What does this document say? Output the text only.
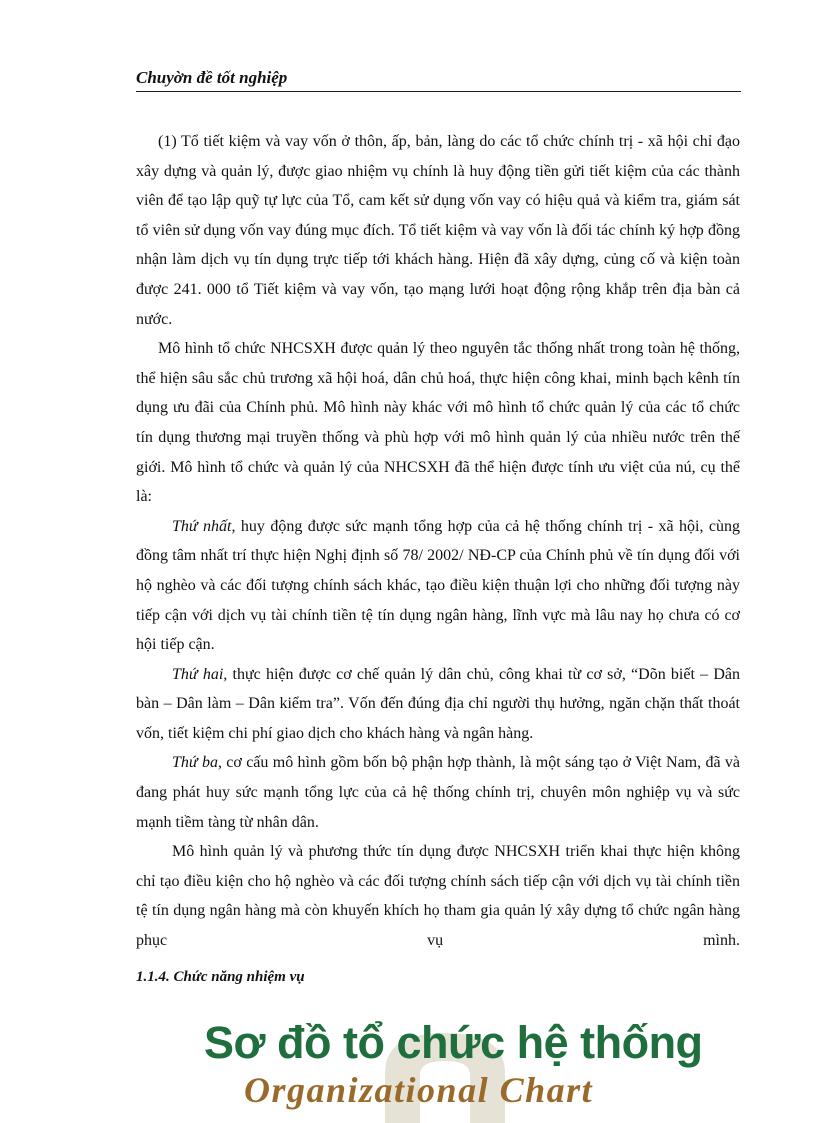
Chuyờn đề tốt nghiệp

(1) Tổ tiết kiệm và vay vốn ở thôn, ấp, bản, làng do các tổ chức chính trị - xã hội chỉ đạo xây dựng và quản lý, được giao nhiệm vụ chính là huy động tiền gửi tiết kiệm của các thành viên để tạo lập quỹ tự lực của Tổ, cam kết sử dụng vốn vay có hiệu quả và kiểm tra, giám sát tổ viên sử dụng vốn vay đúng mục đích. Tổ tiết kiệm và vay vốn là đối tác chính ký hợp đồng nhận làm dịch vụ tín dụng trực tiếp tới khách hàng. Hiện đã xây dựng, củng cố và kiện toàn được 241. 000 tổ Tiết kiệm và vay vốn, tạo mạng lưới hoạt động rộng khắp trên địa bàn cả nước.

Mô hình tổ chức NHCSXH được quản lý theo nguyên tắc thống nhất trong toàn hệ thống, thể hiện sâu sắc chủ trương xã hội hoá, dân chủ hoá, thực hiện công khai, minh bạch kênh tín dụng ưu đãi của Chính phủ. Mô hình này khác với mô hình tổ chức quản lý của các tổ chức tín dụng thương mại truyền thống và phù hợp với mô hình quản lý của nhiều nước trên thế giới. Mô hình tổ chức và quản lý của NHCSXH đã thể hiện được tính ưu việt của nú, cụ thể là:

Thứ nhất, huy động được sức mạnh tổng hợp của cả hệ thống chính trị - xã hội, cùng đồng tâm nhất trí thực hiện Nghị định số 78/ 2002/ NĐ-CP của Chính phủ về tín dụng đối với hộ nghèo và các đối tượng chính sách khác, tạo điều kiện thuận lợi cho những đối tượng này tiếp cận với dịch vụ tài chính tiền tệ tín dụng ngân hàng, lĩnh vực mà lâu nay họ chưa có cơ hội tiếp cận.

Thứ hai, thực hiện được cơ chế quản lý dân chủ, công khai từ cơ sở, “Dõn biết – Dân bàn – Dân làm – Dân kiểm tra”. Vốn đến đúng địa chỉ người thụ hưởng, ngăn chặn thất thoát vốn, tiết kiệm chi phí giao dịch cho khách hàng và ngân hàng.

Thứ ba, cơ cấu mô hình gồm bốn bộ phận hợp thành, là một sáng tạo ở Việt Nam, đã và đang phát huy sức mạnh tổng lực của cả hệ thống chính trị, chuyên môn nghiệp vụ và sức mạnh tiềm tàng từ nhân dân.

Mô hình quản lý và phương thức tín dụng được NHCSXH triển khai thực hiện không chỉ tạo điều kiện cho hộ nghèo và các đối tượng chính sách tiếp cận với dịch vụ tài chính tiền tệ tín dụng ngân hàng mà còn khuyến khích họ tham gia quản lý xây dựng tổ chức ngân hàng phục vụ mình.

1.1.4. Chức năng nhiệm vụ

Sơ đồ tổ chức hệ thống

Organizational Chart
